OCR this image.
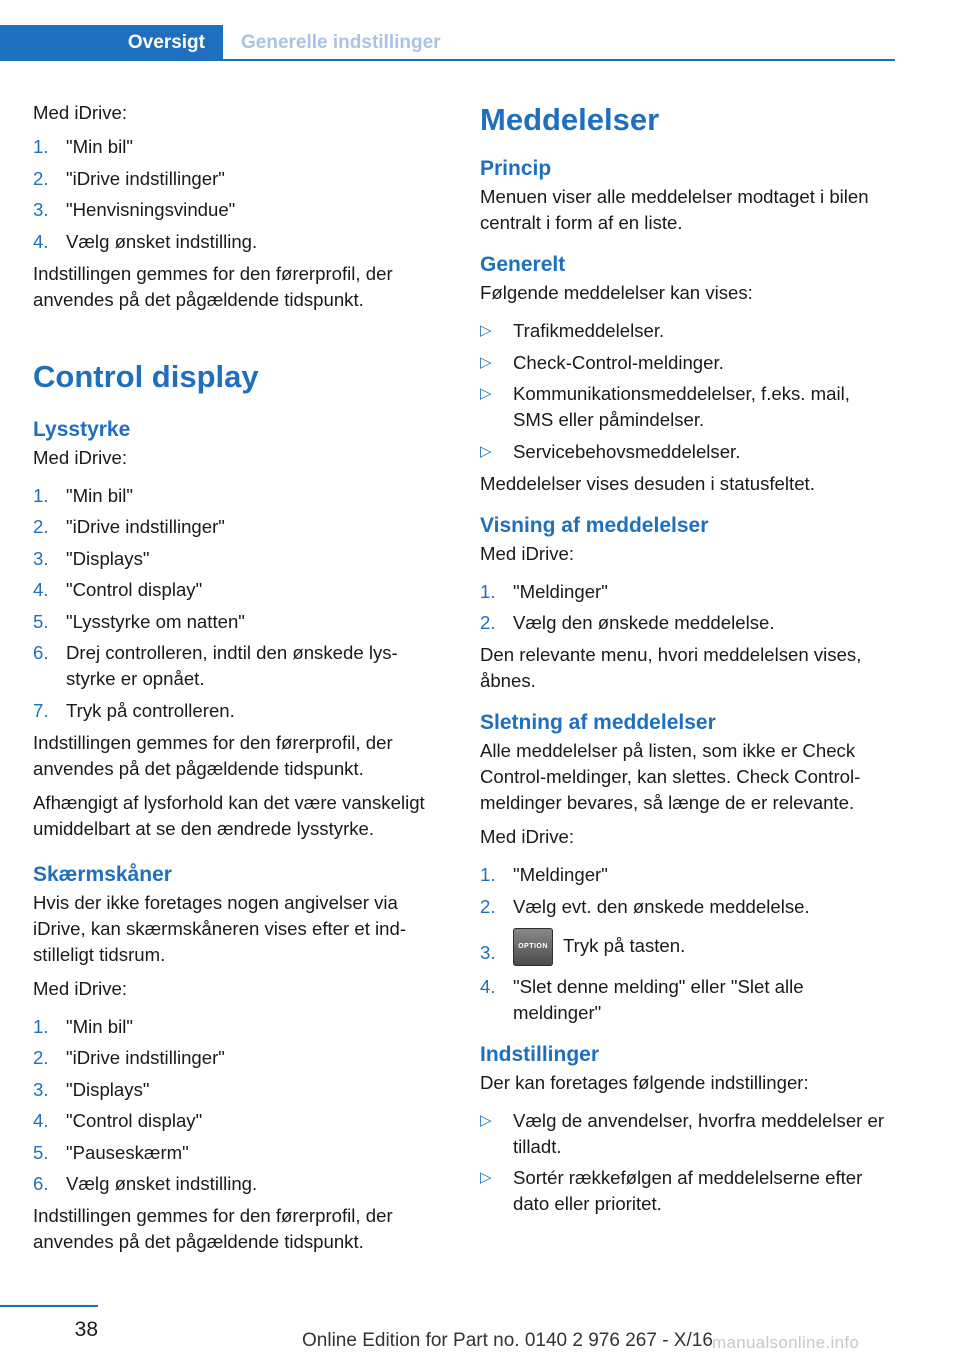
Oversigt	Generelle indstillinger

Med iDrive:

1. "Min bil"
2. "iDrive indstillinger"
3. "Henvisningsvindue"
4. Vælg ønsket indstilling.

Indstillingen gemmes for den førerprofil, der anvendes på det pågældende tidspunkt.

Control display
Lysstyrke

Med iDrive:

1. "Min bil"
2. "iDrive indstillinger"
3. "Displays"
4. "Control display"
5. "Lysstyrke om natten"
6. Drej controlleren, indtil den ønskede lysstyrke er opnået.
7. Tryk på controlleren.

Indstillingen gemmes for den førerprofil, der anvendes på det pågældende tidspunkt.

Afhængigt af lysforhold kan det være vanskeligt umiddelbart at se den ændrede lysstyrke.

Skærmskåner

Hvis der ikke foretages nogen angivelser via iDrive, kan skærmskåneren vises efter et indstilleligt tidsrum.

Med iDrive:

1. "Min bil"
2. "iDrive indstillinger"
3. "Displays"
4. "Control display"
5. "Pauseskærm"
6. Vælg ønsket indstilling.

Indstillingen gemmes for den førerprofil, der anvendes på det pågældende tidspunkt.

Meddelelser
Princip

Menuen viser alle meddelelser modtaget i bilen centralt i form af en liste.

Generelt

Følgende meddelelser kan vises:

▷ Trafikmeddelelser.
▷ Check-Control-meldinger.
▷ Kommunikationsmeddelelser, f.eks. mail, SMS eller påmindelser.
▷ Servicebehovsmeddelelser.

Meddelelser vises desuden i statusfeltet.

Visning af meddelelser

Med iDrive:

1. "Meldinger"
2. Vælg den ønskede meddelelse.

Den relevante menu, hvori meddelelsen vises, åbnes.

Sletning af meddelelser

Alle meddelelser på listen, som ikke er Check Control-meldinger, kan slettes. Check Control-meldinger bevares, så længe de er relevante.

Med iDrive:

1. "Meldinger"
2. Vælg evt. den ønskede meddelelse.
3.	OPTION Tryk på tasten.
4. "Slet denne melding" eller "Slet alle meldinger"
Indstillinger

Der kan foretages følgende indstillinger:

▷ Vælg de anvendelser, hvorfra meddelelser er tilladt.
▷ Sortér rækkefølgen af meddelelserne efter dato eller prioritet.
38	Online Edition for Part no. 0140 2 976 267 - X/16 manualsonline.info
